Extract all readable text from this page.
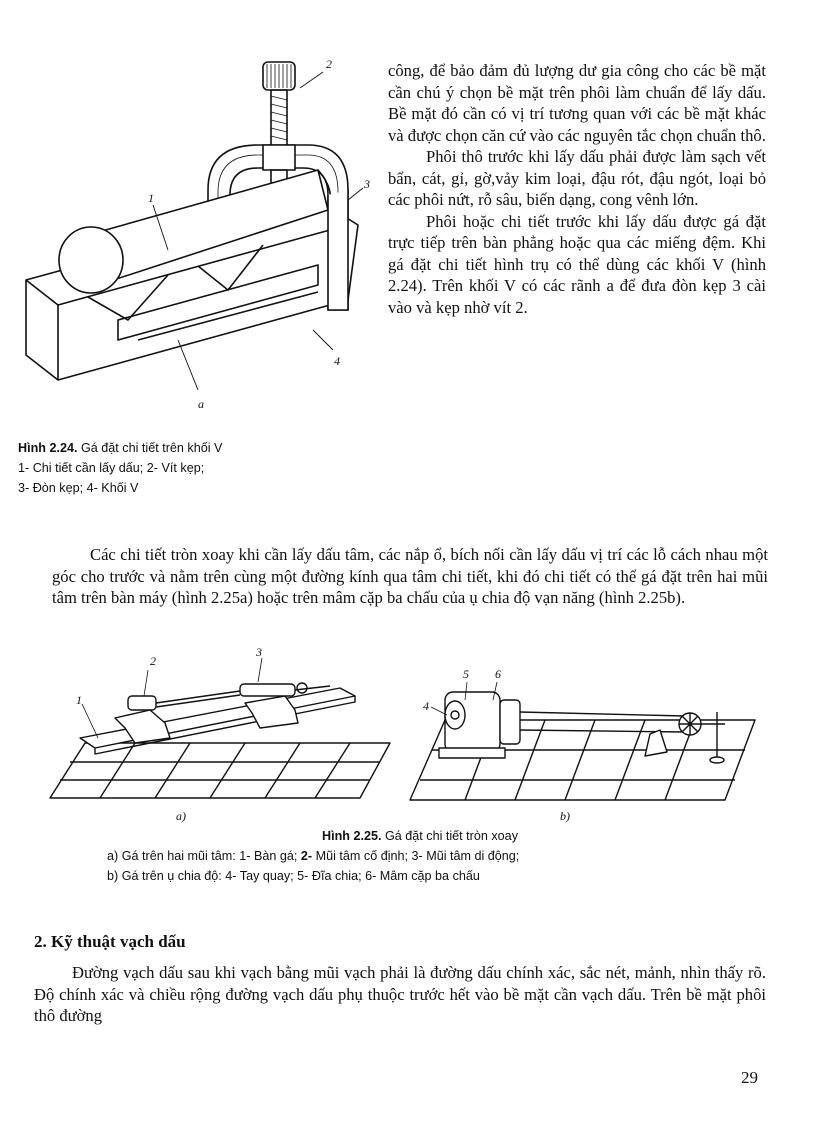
2
3
1
4
a
Hình 2.24. Gá đặt chi tiết trên khối V
1- Chi tiết cần lấy dấu; 2- Vít kẹp;
3- Đòn kẹp; 4- Khối V

công, để bảo đảm đủ lượng dư gia công cho các bề mặt cần chú ý chọn bề mặt trên phôi làm chuẩn để lấy dấu. Bề mặt đó cần có vị trí tương quan với các bề mặt khác và được chọn căn cứ vào các nguyên tắc chọn chuẩn thô.

Phôi thô trước khi lấy dấu phải được làm sạch vết bẩn, cát, gỉ, gờ,vảy kim loại, đậu rót, đậu ngót, loại bỏ các phôi nứt, rỗ sâu, biến dạng, cong vênh lớn.

Phôi hoặc chi tiết trước khi lấy dấu được gá đặt trực tiếp trên bàn phẳng hoặc qua các miếng đệm. Khi gá đặt chi tiết hình trụ có thể dùng các khối V (hình 2.24). Trên khối V có các rãnh a để đưa đòn kẹp 3 cài vào và kẹp nhờ vít 2.

Các chi tiết tròn xoay khi cần lấy dấu tâm, các nắp ổ, bích nối cần lấy dấu vị trí các lỗ cách nhau một góc cho trước và nằm trên cùng một đường kính qua tâm chi tiết, khi đó chi tiết có thể gá đặt trên hai mũi tâm trên bàn máy (hình 2.25a) hoặc trên mâm cặp ba chấu của ụ chia độ vạn năng (hình 2.25b).

2
3
1
a)
5 6
4
b)
Hình 2.25. Gá đặt chi tiết tròn xoay
a) Gá trên hai mũi tâm: 1- Bàn gá; 2- Mũi tâm cố định; 3- Mũi tâm di động;
b) Gá trên ụ chia độ: 4- Tay quay; 5- Đĩa chia; 6- Mâm cặp ba chấu
2. Kỹ thuật vạch dấu

Đường vạch dấu sau khi vạch bằng mũi vạch phải là đường dấu chính xác, sắc nét, mảnh, nhìn thấy rõ. Độ chính xác và chiều rộng đường vạch dấu phụ thuộc trước hết vào bề mặt cần vạch dấu. Trên bề mặt phôi thô đường

29
